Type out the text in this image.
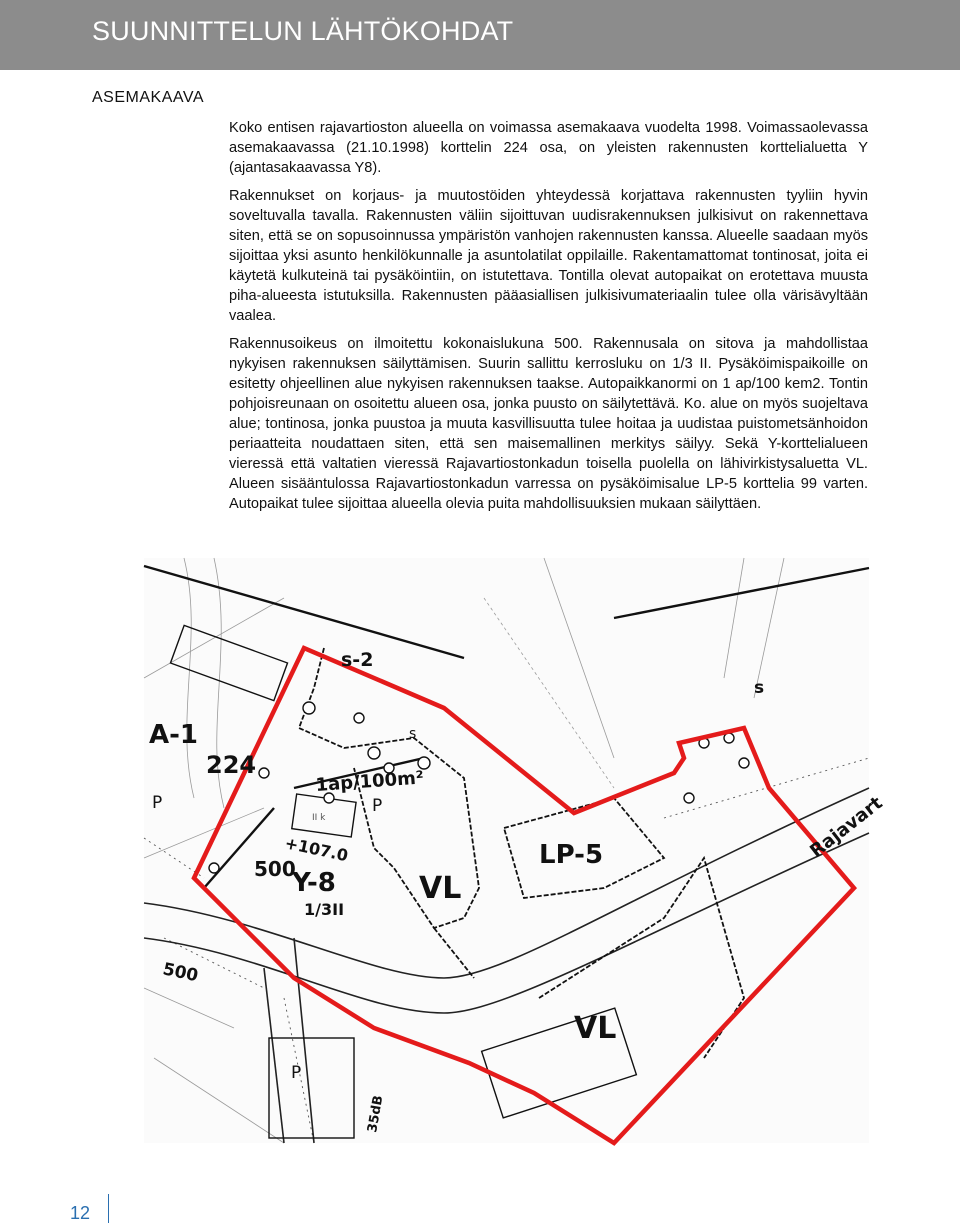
SUUNNITTELUN LÄHTÖKOHDAT
ASEMAKAAVA

Koko entisen rajavartioston alueella on voimassa asemakaava vuodelta 1998. Voimassaolevassa asemakaavassa (21.10.1998) korttelin 224 osa, on yleisten rakennusten korttelialuetta Y (ajantasakaavassa Y8).

Rakennukset on korjaus- ja muutostöiden yhteydessä korjattava rakennusten tyyliin hyvin soveltuvalla tavalla. Rakennusten väliin sijoittuvan uudisrakennuksen julkisivut on rakennettava siten, että se on sopusoinnussa ympäristön vanhojen rakennusten kanssa. Alueelle saadaan myös sijoittaa yksi asunto henkilökunnalle ja asuntolatilat oppilaille. Rakentamattomat tontinosat, joita ei käytetä kulkuteinä tai pysäköintiin, on istutettava. Tontilla olevat autopaikat on erotettava muusta piha-alueesta istutuksilla. Rakennusten pääasiallisen julkisivumateriaalin tulee olla värisävyltään vaalea.

Rakennusoikeus on ilmoitettu kokonaislukuna 500. Rakennusala on sitova ja mahdollistaa nykyisen rakennuksen säilyttämisen. Suurin sallittu kerrosluku on 1/3 II. Pysäköimispaikoille on esitetty ohjeellinen alue nykyisen rakennuksen taakse. Autopaikkanormi on 1 ap/100 kem2. Tontin pohjoisreunaan on osoitettu alueen osa, jonka puusto on säilytettävä. Ko. alue on myös suojeltava alue; tontinosa, jonka puustoa ja muuta kasvillisuutta tulee hoitaa ja uudistaa puistometsänhoidon periaatteita noudattaen siten, että sen maisemallinen merkitys säilyy. Sekä Y-korttelialueen vieressä että valtatien vieressä Rajavartiostonkadun toisella puolella on lähivirkistysaluetta VL. Alueen sisääntulossa Rajavartiostonkadun varressa on pysäköimisalue LP-5 korttelia 99 varten. Autopaikat tulee sijoittaa alueella olevia puita mahdollisuuksien mukaan säilyttäen.

s-2
s
s
A-1
224
1ap/100m²
P	P
+107.0
II k
500
Y-8
1/3II
VL
LP-5
VL
Rajavart
500
P
35dB
12
